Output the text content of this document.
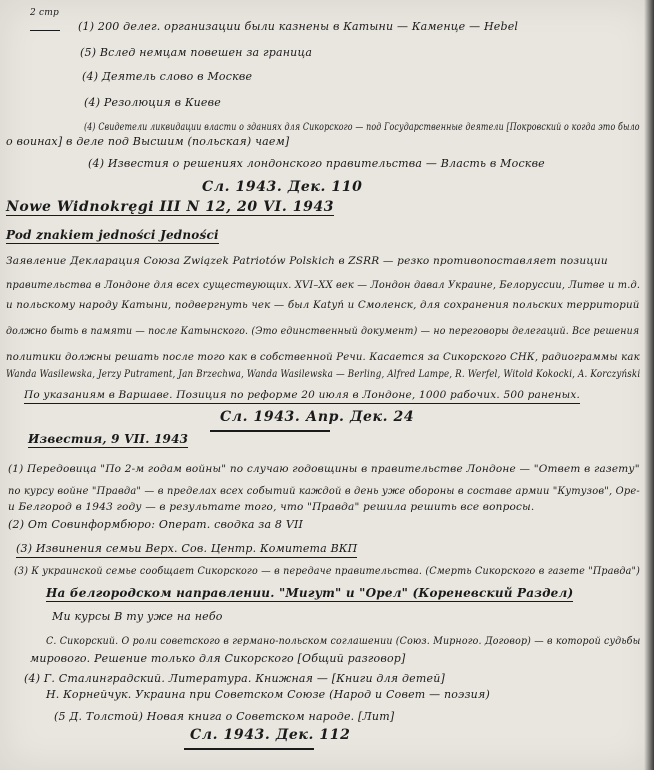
2 стр
(1) 200 делег. организации были казнены в Катыни — Каменце — Hebel
(5) Вслед немцам повешен за граница
(4) Деятель слово в Москве
(4) Резолюция в Киеве
(4) Свидетели ликвидации власти о зданиях для Сикорского — под Государственные деятели [Покровский о когда это было
о воинах] в деле под Высшим (польская) чаем]
(4) Известия о решениях лондонского правительства — Власть в Москве
Сл. 1943. Дек. 110
Nowe Widnokręgi III N 12, 20 VI. 1943
Pod znakiem jedności Jedności
Заявление Декларация Союза Związek Patriotów Polskich в ZSRR — резко противопоставляет позиции
правительства в Лондоне для всех существующих. XVI–XX век — Лондон давал Украине, Белоруссии, Литве и т.д.
и польскому народу Катыни, подвергнуть чек — был Katyń и Смоленск, для сохранения польских территорий
должно быть в памяти — после Катынского. (Это единственный документ) — но переговоры делегаций. Все решения
политики должны решать после того как в собственной Речи. Касается за Сикорского СНК, радиограммы как
Wanda Wasilewska, Jerzy Putrament, Jan Brzechwa, Wanda Wasilewska — Berling, Alfred Lampe, R. Werfel, Witold Kokocki, A. Korczyński
По указаниям в Варшаве. Позиция по реформе 20 июля в Лондоне, 1000 рабочих. 500 раненых.
Сл. 1943. Апр. Дек. 24
Известия, 9 VII. 1943
(1) Передовица "По 2-м годам войны" по случаю годовщины в правительстве Лондоне — "Ответ в газету"
по курсу войне "Правда" — в пределах всех событий каждой в день уже обороны в составе армии "Кутузов", Оре-
и Белгород в 1943 году — в результате того, что "Правда" решила решить все вопросы.
(2) От Совинформбюро: Операт. сводка за 8 VII
(3) Извинения семьи Верх. Сов. Центр. Комитета ВКП
(3) К украинской семье сообщает Сикорского — в передаче правительства. (Смерть Сикорского в газете "Правда")
На белгородском направлении. "Мигут" и "Орел" (Кореневский Раздел)
Ми курсы В ту уже на небо
С. Сикорский. О роли советского в германо-польском соглашении (Союз. Мирного. Договор) — в которой судьбы
мирового. Решение только для Сикорского [Общий разговор]
(4) Г. Сталинградский. Литература. Книжная — [Книги для детей]
Н. Корнейчук. Украина при Советском Союзе (Народ и Совет — поэзия)
(5 Д. Толстой) Новая книга о Советском народе. [Лит]
Сл. 1943. Дек. 112
